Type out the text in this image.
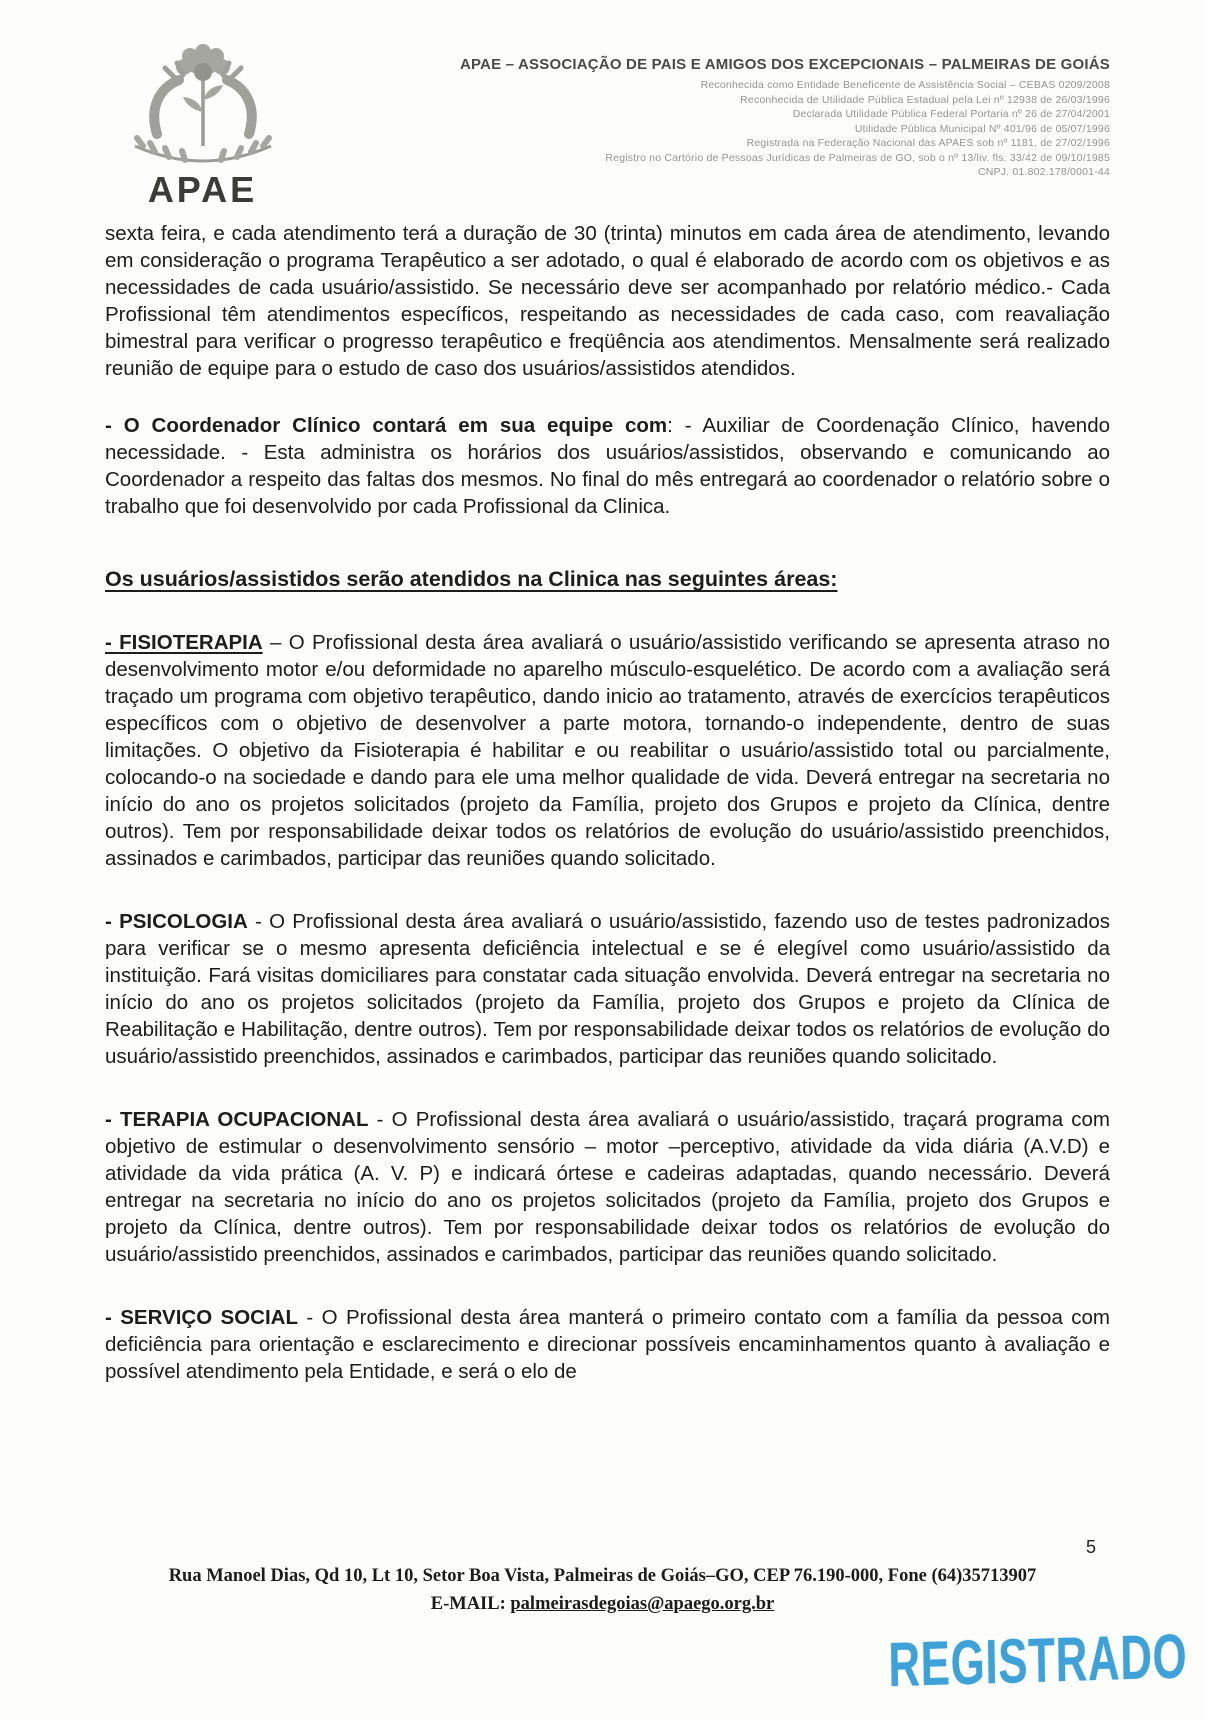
APAE
APAE – ASSOCIAÇÃO DE PAIS E AMIGOS DOS EXCEPCIONAIS – PALMEIRAS DE GOIÁS
Reconhecida como Entidade Beneficente de Assistência Social – CEBAS 0209/2008
Reconhecida de Utilidade Pública Estadual pela Lei nº 12938 de 26/03/1996
Declarada Utilidade Pública Federal Portaria nº 26 de 27/04/2001
Utilidade Pública Municipal Nº 401/96 de 05/07/1996
Registrada na Federação Nacional das APAES sob nº 1181, de 27/02/1996
Registro no Cartório de Pessoas Jurídicas de Palmeiras de GO, sob o nº 13/liv. fls. 33/42 de 09/10/1985
CNPJ. 01.802.178/0001-44

sexta feira, e cada atendimento terá a duração de 30 (trinta) minutos em cada área de atendimento, levando em consideração o programa Terapêutico a ser adotado, o qual é elaborado de acordo com os objetivos e as necessidades de cada usuário/assistido. Se necessário deve ser acompanhado por relatório médico.- Cada Profissional têm atendimentos específicos, respeitando as necessidades de cada caso, com reavaliação bimestral para verificar o progresso terapêutico e freqüência aos atendimentos. Mensalmente será realizado reunião de equipe para o estudo de caso dos usuários/assistidos atendidos.

- O Coordenador Clínico contará em sua equipe com: - Auxiliar de Coordenação Clínico, havendo necessidade. - Esta administra os horários dos usuários/assistidos, observando e comunicando ao Coordenador a respeito das faltas dos mesmos. No final do mês entregará ao coordenador o relatório sobre o trabalho que foi desenvolvido por cada Profissional da Clinica.

Os usuários/assistidos serão atendidos na Clinica nas seguintes áreas:

- FISIOTERAPIA – O Profissional desta área avaliará o usuário/assistido verificando se apresenta atraso no desenvolvimento motor e/ou deformidade no aparelho músculo-esquelético. De acordo com a avaliação será traçado um programa com objetivo terapêutico, dando inicio ao tratamento, através de exercícios terapêuticos específicos com o objetivo de desenvolver a parte motora, tornando-o independente, dentro de suas limitações. O objetivo da Fisioterapia é habilitar e ou reabilitar o usuário/assistido total ou parcialmente, colocando-o na sociedade e dando para ele uma melhor qualidade de vida. Deverá entregar na secretaria no início do ano os projetos solicitados (projeto da Família, projeto dos Grupos e projeto da Clínica, dentre outros). Tem por responsabilidade deixar todos os relatórios de evolução do usuário/assistido preenchidos, assinados e carimbados, participar das reuniões quando solicitado.

- PSICOLOGIA - O Profissional desta área avaliará o usuário/assistido, fazendo uso de testes padronizados para verificar se o mesmo apresenta deficiência intelectual e se é elegível como usuário/assistido da instituição. Fará visitas domiciliares para constatar cada situação envolvida. Deverá entregar na secretaria no início do ano os projetos solicitados (projeto da Família, projeto dos Grupos e projeto da Clínica de Reabilitação e Habilitação, dentre outros). Tem por responsabilidade deixar todos os relatórios de evolução do usuário/assistido preenchidos, assinados e carimbados, participar das reuniões quando solicitado.

- TERAPIA OCUPACIONAL - O Profissional desta área avaliará o usuário/assistido, traçará programa com objetivo de estimular o desenvolvimento sensório – motor –perceptivo, atividade da vida diária (A.V.D) e atividade da vida prática (A. V. P) e indicará órtese e cadeiras adaptadas, quando necessário. Deverá entregar na secretaria no início do ano os projetos solicitados (projeto da Família, projeto dos Grupos e projeto da Clínica, dentre outros). Tem por responsabilidade deixar todos os relatórios de evolução do usuário/assistido preenchidos, assinados e carimbados, participar das reuniões quando solicitado.

- SERVIÇO SOCIAL - O Profissional desta área manterá o primeiro contato com a família da pessoa com deficiência para orientação e esclarecimento e direcionar possíveis encaminhamentos quanto à avaliação e possível atendimento pela Entidade, e será o elo de

5
Rua Manoel Dias, Qd 10, Lt 10, Setor Boa Vista, Palmeiras de Goiás–GO, CEP 76.190-000, Fone (64)35713907
E-MAIL: palmeirasdegoias@apaego.org.br
REGISTRADO
